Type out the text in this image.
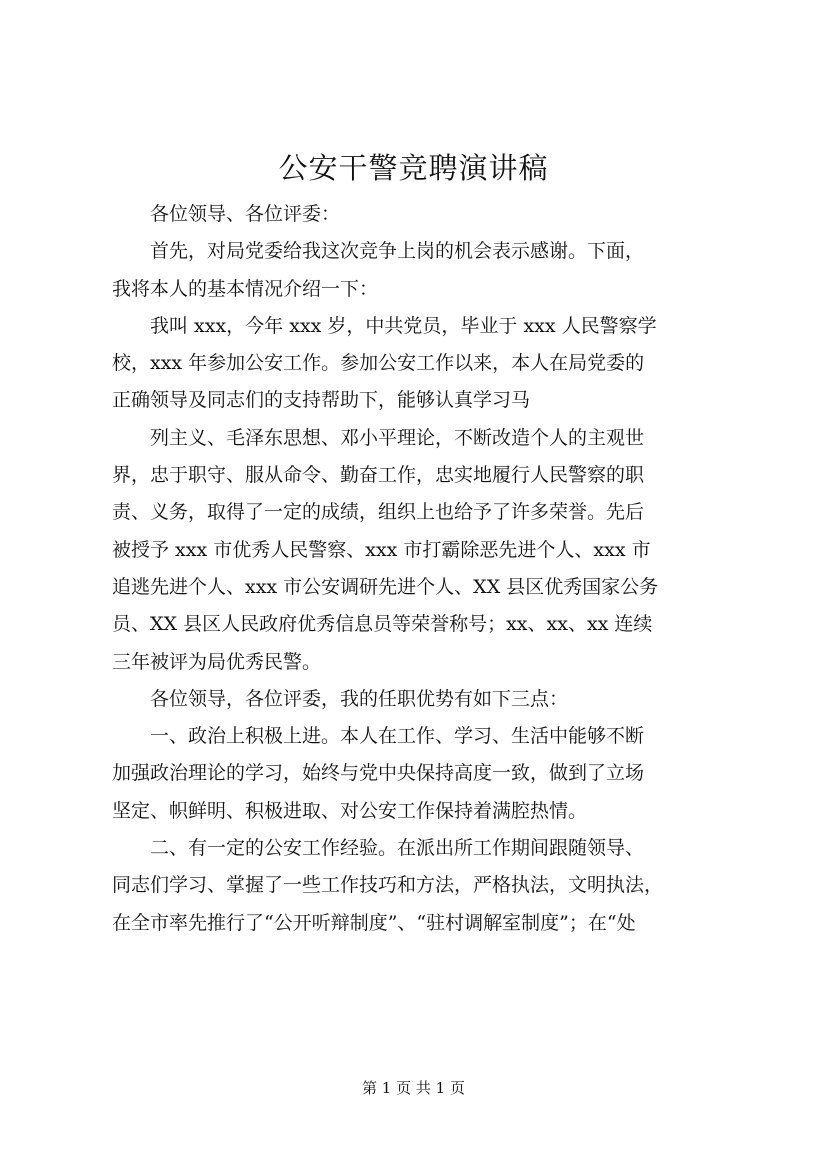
公安干警竞聘演讲稿

各位领导、各位评委：

首先，对局党委给我这次竞争上岗的机会表示感谢。下面，
我将本人的基本情况介绍一下：

我叫 xxx，今年 xxx 岁，中共党员，毕业于 xxx 人民警察学
校，xxx 年参加公安工作。参加公安工作以来，本人在局党委的
正确领导及同志们的支持帮助下，能够认真学习马

列主义、毛泽东思想、邓小平理论，不断改造个人的主观世
界，忠于职守、服从命令、勤奋工作，忠实地履行人民警察的职
责、义务，取得了一定的成绩，组织上也给予了许多荣誉。先后
被授予 xxx 市优秀人民警察、xxx 市打霸除恶先进个人、xxx 市
追逃先进个人、xxx 市公安调研先进个人、XX 县区优秀国家公务
员、XX 县区人民政府优秀信息员等荣誉称号；xx、xx、xx 连续
三年被评为局优秀民警。

各位领导，各位评委，我的任职优势有如下三点：

一、政治上积极上进。本人在工作、学习、生活中能够不断
加强政治理论的学习，始终与党中央保持高度一致，做到了立场
坚定、帜鲜明、积极进取、对公安工作保持着满腔热情。

二、有一定的公安工作经验。在派出所工作期间跟随领导、
同志们学习、掌握了一些工作技巧和方法，严格执法，文明执法，
在全市率先推行了“公开听辩制度”、“驻村调解室制度”；在“处

第 1 页 共 1 页
